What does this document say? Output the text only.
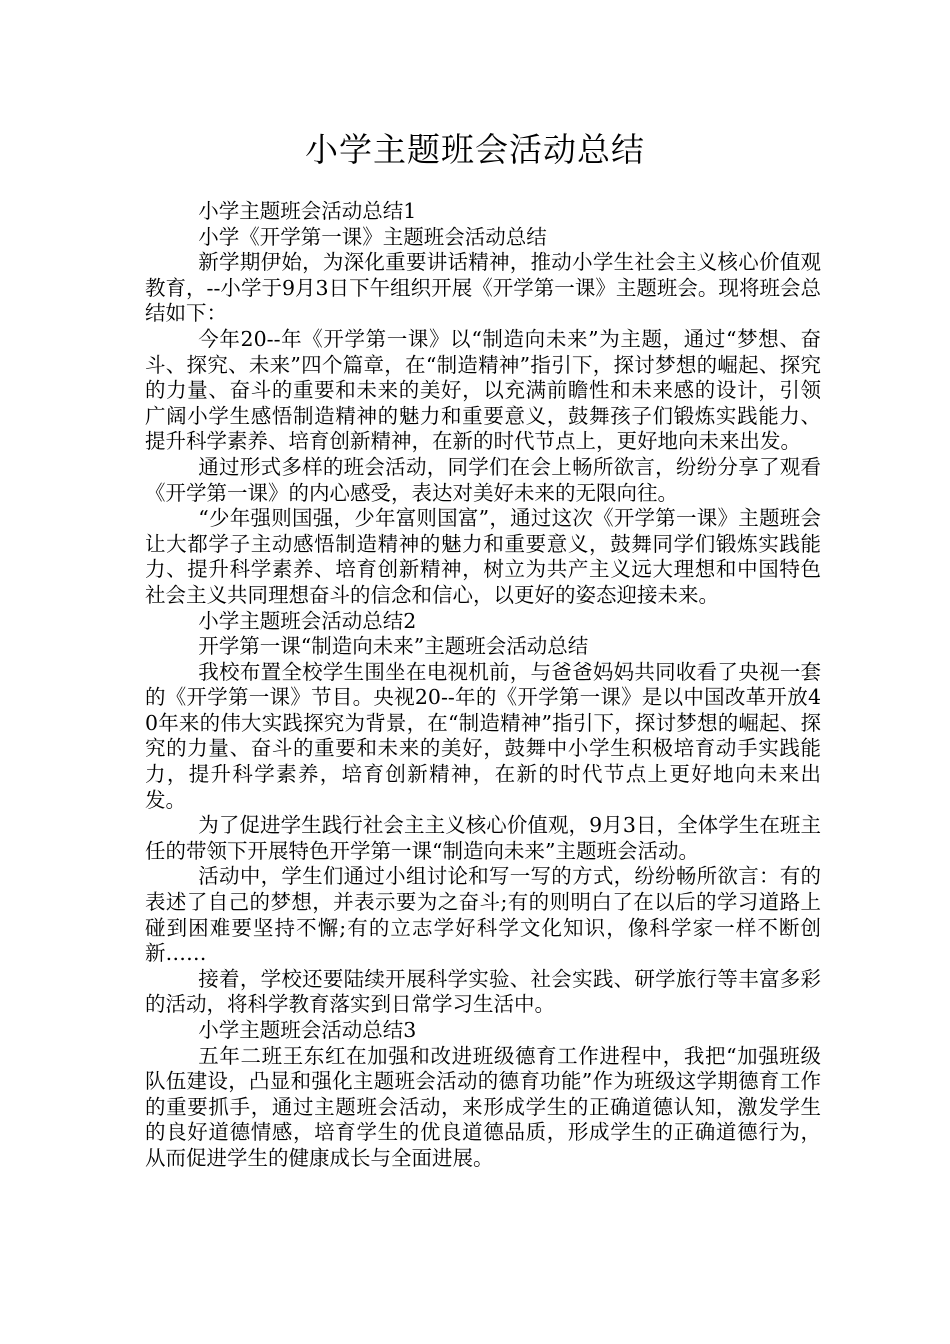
小学主题班会活动总结

小学主题班会活动总结1

小学《开学第一课》主题班会活动总结

新学期伊始，为深化重要讲话精神，推动小学生社会主义核心价值观教育，--小学于9月3日下午组织开展《开学第一课》主题班会。现将班会总结如下：

今年20--年《开学第一课》以“制造向未来”为主题，通过“梦想、奋斗、探究、未来”四个篇章，在“制造精神”指引下，探讨梦想的崛起、探究的力量、奋斗的重要和未来的美好，以充满前瞻性和未来感的设计，引领广阔小学生感悟制造精神的魅力和重要意义，鼓舞孩子们锻炼实践能力、提升科学素养、培育创新精神，在新的时代节点上，更好地向未来出发。

通过形式多样的班会活动，同学们在会上畅所欲言，纷纷分享了观看《开学第一课》的内心感受，表达对美好未来的无限向往。

“少年强则国强，少年富则国富”，通过这次《开学第一课》主题班会让大都学子主动感悟制造精神的魅力和重要意义，鼓舞同学们锻炼实践能力、提升科学素养、培育创新精神，树立为共产主义远大理想和中国特色社会主义共同理想奋斗的信念和信心，以更好的姿态迎接未来。

小学主题班会活动总结2

开学第一课“制造向未来”主题班会活动总结

我校布置全校学生围坐在电视机前，与爸爸妈妈共同收看了央视一套的《开学第一课》节目。央视20--年的《开学第一课》是以中国改革开放40年来的伟大实践探究为背景，在“制造精神”指引下，探讨梦想的崛起、探究的力量、奋斗的重要和未来的美好，鼓舞中小学生积极培育动手实践能力，提升科学素养，培育创新精神，在新的时代节点上更好地向未来出发。

为了促进学生践行社会主主义核心价值观，9月3日，全体学生在班主任的带领下开展特色开学第一课“制造向未来”主题班会活动。

活动中，学生们通过小组讨论和写一写的方式，纷纷畅所欲言：有的表述了自己的梦想，并表示要为之奋斗;有的则明白了在以后的学习道路上碰到困难要坚持不懈;有的立志学好科学文化知识，像科学家一样不断创新……

接着，学校还要陆续开展科学实验、社会实践、研学旅行等丰富多彩的活动，将科学教育落实到日常学习生活中。

小学主题班会活动总结3

五年二班王东红在加强和改进班级德育工作进程中，我把“加强班级队伍建设，凸显和强化主题班会活动的德育功能”作为班级这学期德育工作的重要抓手，通过主题班会活动，来形成学生的正确道德认知，激发学生的良好道德情感，培育学生的优良道德品质，形成学生的正确道德行为，从而促进学生的健康成长与全面进展。
